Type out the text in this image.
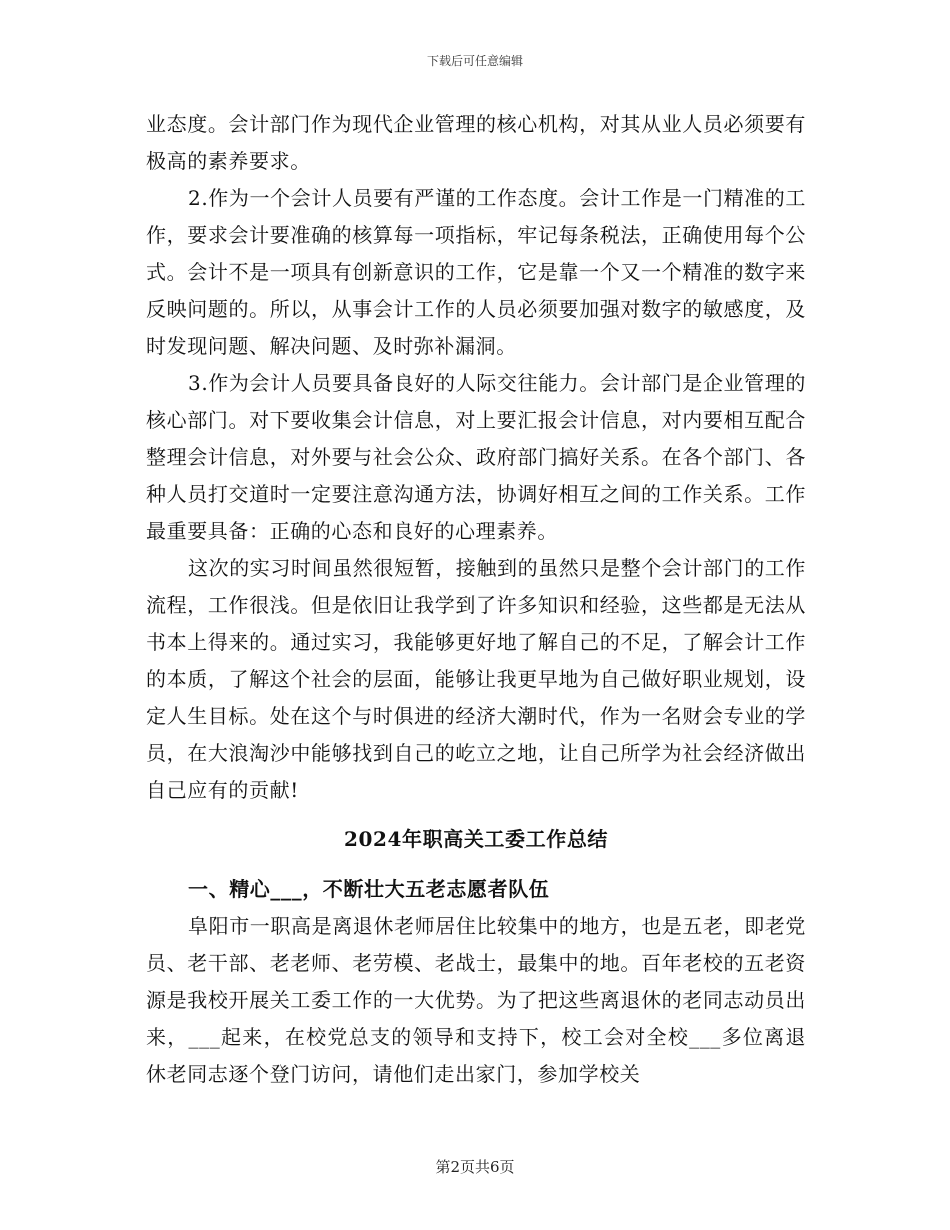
下载后可任意编辑

业态度。会计部门作为现代企业管理的核心机构，对其从业人员必须要有极高的素养要求。

2.作为一个会计人员要有严谨的工作态度。会计工作是一门精准的工作，要求会计要准确的核算每一项指标，牢记每条税法，正确使用每个公式。会计不是一项具有创新意识的工作，它是靠一个又一个精准的数字来反映问题的。所以，从事会计工作的人员必须要加强对数字的敏感度，及时发现问题、解决问题、及时弥补漏洞。

3.作为会计人员要具备良好的人际交往能力。会计部门是企业管理的核心部门。对下要收集会计信息，对上要汇报会计信息，对内要相互配合整理会计信息，对外要与社会公众、政府部门搞好关系。在各个部门、各种人员打交道时一定要注意沟通方法，协调好相互之间的工作关系。工作最重要具备：正确的心态和良好的心理素养。

这次的实习时间虽然很短暂，接触到的虽然只是整个会计部门的工作流程，工作很浅。但是依旧让我学到了许多知识和经验，这些都是无法从书本上得来的。通过实习，我能够更好地了解自己的不足，了解会计工作的本质，了解这个社会的层面，能够让我更早地为自己做好职业规划，设定人生目标。处在这个与时俱进的经济大潮时代，作为一名财会专业的学员，在大浪淘沙中能够找到自己的屹立之地，让自己所学为社会经济做出自己应有的贡献!

2024年职高关工委工作总结
一、精心___，不断壮大五老志愿者队伍

阜阳市一职高是离退休老师居住比较集中的地方，也是五老，即老党员、老干部、老老师、老劳模、老战士，最集中的地。百年老校的五老资源是我校开展关工委工作的一大优势。为了把这些离退休的老同志动员出来，___起来，在校党总支的领导和支持下，校工会对全校___多位离退休老同志逐个登门访问，请他们走出家门，参加学校关

第2页共6页
